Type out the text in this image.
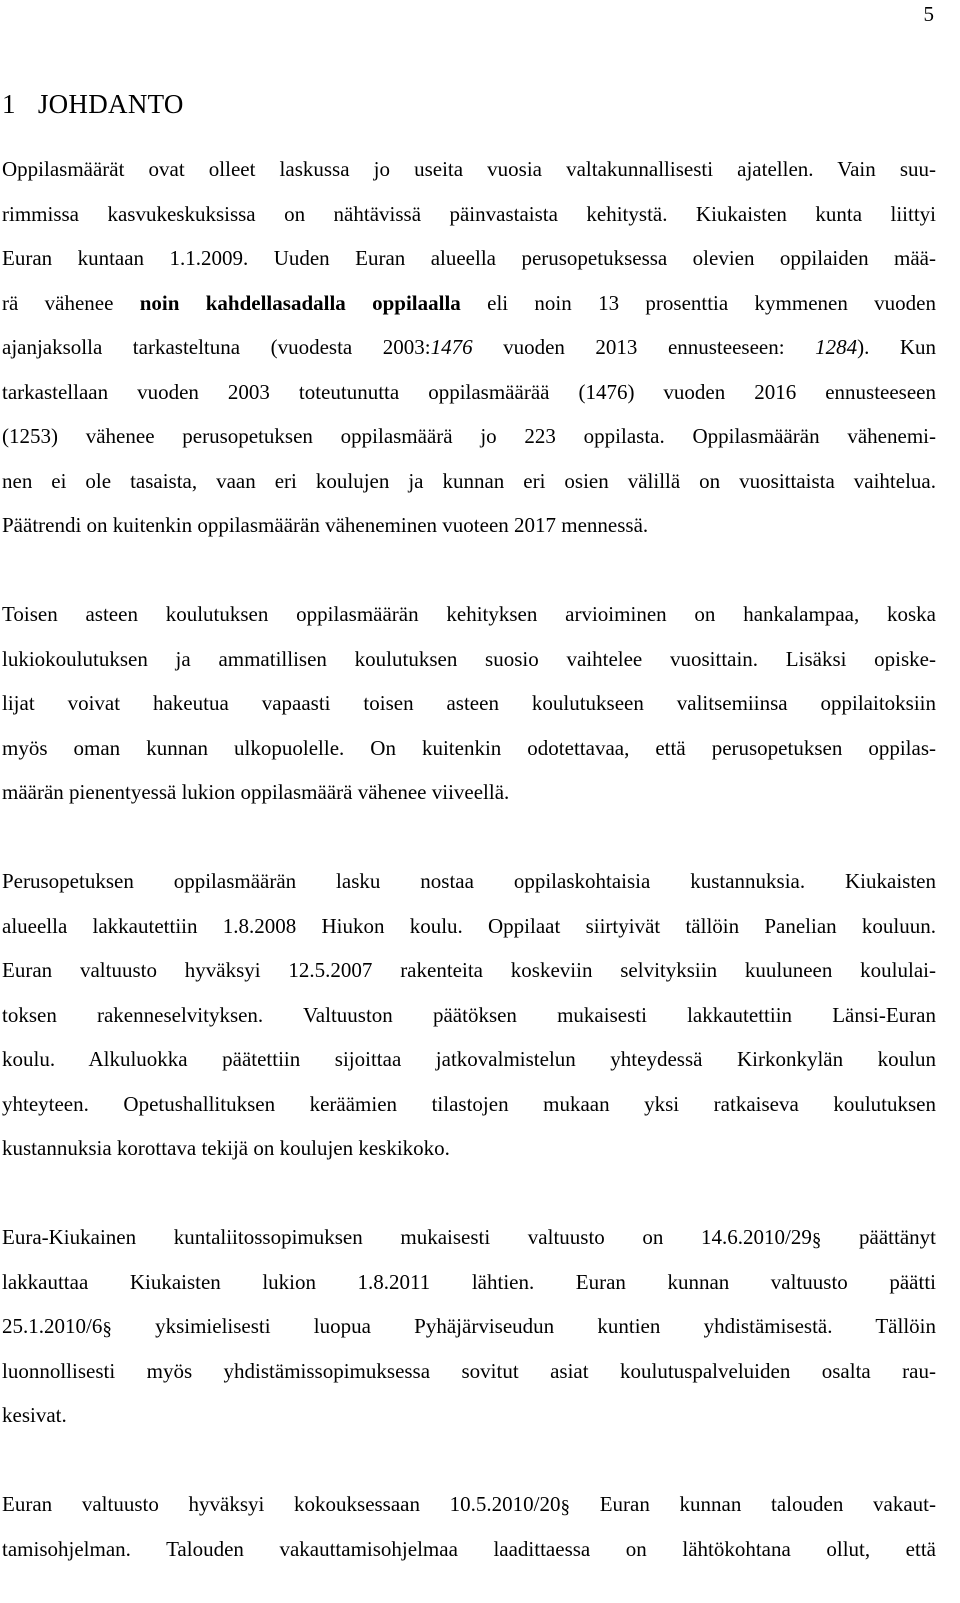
5
1 JOHDANTO

Oppilasmäärät ovat olleet laskussa jo useita vuosia valtakunnallisesti ajatellen. Vain suu-
rimmissa kasvukeskuksissa on nähtävissä päinvastaista kehitystä. Kiukaisten kunta liittyi
Euran kuntaan 1.1.2009. Uuden Euran alueella perusopetuksessa olevien oppilaiden mää-
rä vähenee noin kahdellasadalla oppilaalla eli noin 13 prosenttia kymmenen vuoden
ajanjaksolla tarkasteltuna (vuodesta 2003:1476 vuoden 2013 ennusteeseen: 1284). Kun
tarkastellaan vuoden 2003 toteutunutta oppilasmäärää (1476) vuoden 2016 ennusteeseen
(1253) vähenee perusopetuksen oppilasmäärä jo 223 oppilasta. Oppilasmäärän vähenemi-
nen ei ole tasaista, vaan eri koulujen ja kunnan eri osien välillä on vuosittaista vaihtelua.
Päätrendi on kuitenkin oppilasmäärän väheneminen vuoteen 2017 mennessä.

Toisen asteen koulutuksen oppilasmäärän kehityksen arvioiminen on hankalampaa, koska
lukiokoulutuksen ja ammatillisen koulutuksen suosio vaihtelee vuosittain. Lisäksi opiske-
lijat voivat hakeutua vapaasti toisen asteen koulutukseen valitsemiinsa oppilaitoksiin
myös oman kunnan ulkopuolelle. On kuitenkin odotettavaa, että perusopetuksen oppilas-
määrän pienentyessä lukion oppilasmäärä vähenee viiveellä.

Perusopetuksen oppilasmäärän lasku nostaa oppilaskohtaisia kustannuksia. Kiukaisten
alueella lakkautettiin 1.8.2008 Hiukon koulu. Oppilaat siirtyivät tällöin Panelian kouluun.
Euran valtuusto hyväksyi 12.5.2007 rakenteita koskeviin selvityksiin kuuluneen koululai-
toksen rakenneselvityksen. Valtuuston päätöksen mukaisesti lakkautettiin Länsi-Euran
koulu. Alkuluokka päätettiin sijoittaa jatkovalmistelun yhteydessä Kirkonkylän koulun
yhteyteen. Opetushallituksen keräämien tilastojen mukaan yksi ratkaiseva koulutuksen
kustannuksia korottava tekijä on koulujen keskikoko.

Eura-Kiukainen kuntaliitossopimuksen mukaisesti valtuusto on 14.6.2010/29§ päättänyt
lakkauttaa Kiukaisten lukion 1.8.2011 lähtien. Euran kunnan valtuusto päätti
25.1.2010/6§ yksimielisesti luopua Pyhäjärviseudun kuntien yhdistämisestä. Tällöin
luonnollisesti myös yhdistämissopimuksessa sovitut asiat koulutuspalveluiden osalta rau-
kesivat.

Euran valtuusto hyväksyi kokouksessaan 10.5.2010/20§ Euran kunnan talouden vakaut-
tamisohjelman. Talouden vakauttamisohjelmaa laadittaessa on lähtökohtana ollut, että
